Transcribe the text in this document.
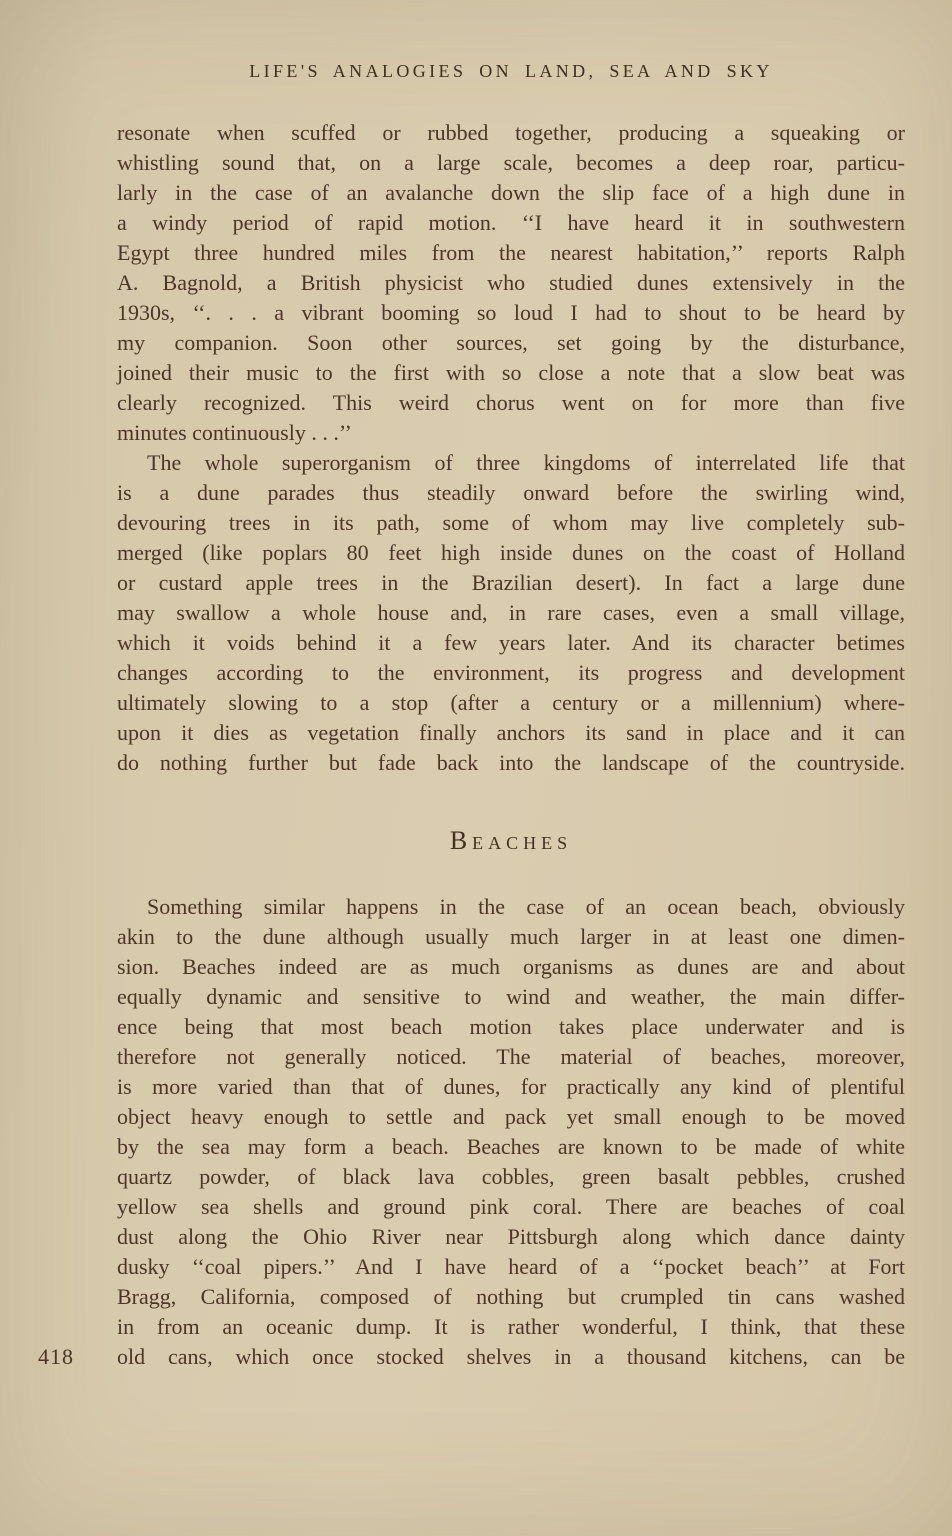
LIFE'S ANALOGIES ON LAND, SEA AND SKY
resonate when scuffed or rubbed together, producing a squeaking or
whistling sound that, on a large scale, becomes a deep roar, particu-
larly in the case of an avalanche down the slip face of a high dune in
a windy period of rapid motion. ‘‘I have heard it in southwestern
Egypt three hundred miles from the nearest habitation,’’ reports Ralph
A. Bagnold, a British physicist who studied dunes extensively in the
1930s, ‘‘. . . a vibrant booming so loud I had to shout to be heard by
my companion. Soon other sources, set going by the disturbance,
joined their music to the first with so close a note that a slow beat was
clearly recognized. This weird chorus went on for more than five
minutes continuously . . .’’
The whole superorganism of three kingdoms of interrelated life that
is a dune parades thus steadily onward before the swirling wind,
devouring trees in its path, some of whom may live completely sub-
merged (like poplars 80 feet high inside dunes on the coast of Holland
or custard apple trees in the Brazilian desert). In fact a large dune
may swallow a whole house and, in rare cases, even a small village,
which it voids behind it a few years later. And its character betimes
changes according to the environment, its progress and development
ultimately slowing to a stop (after a century or a millennium) where-
upon it dies as vegetation finally anchors its sand in place and it can
do nothing further but fade back into the landscape of the countryside.
Beaches
Something similar happens in the case of an ocean beach, obviously
akin to the dune although usually much larger in at least one dimen-
sion. Beaches indeed are as much organisms as dunes are and about
equally dynamic and sensitive to wind and weather, the main differ-
ence being that most beach motion takes place underwater and is
therefore not generally noticed. The material of beaches, moreover,
is more varied than that of dunes, for practically any kind of plentiful
object heavy enough to settle and pack yet small enough to be moved
by the sea may form a beach. Beaches are known to be made of white
quartz powder, of black lava cobbles, green basalt pebbles, crushed
yellow sea shells and ground pink coral. There are beaches of coal
dust along the Ohio River near Pittsburgh along which dance dainty
dusky ‘‘coal pipers.’’ And I have heard of a ‘‘pocket beach’’ at Fort
Bragg, California, composed of nothing but crumpled tin cans washed
in from an oceanic dump. It is rather wonderful, I think, that these
old cans, which once stocked shelves in a thousand kitchens, can be
418
